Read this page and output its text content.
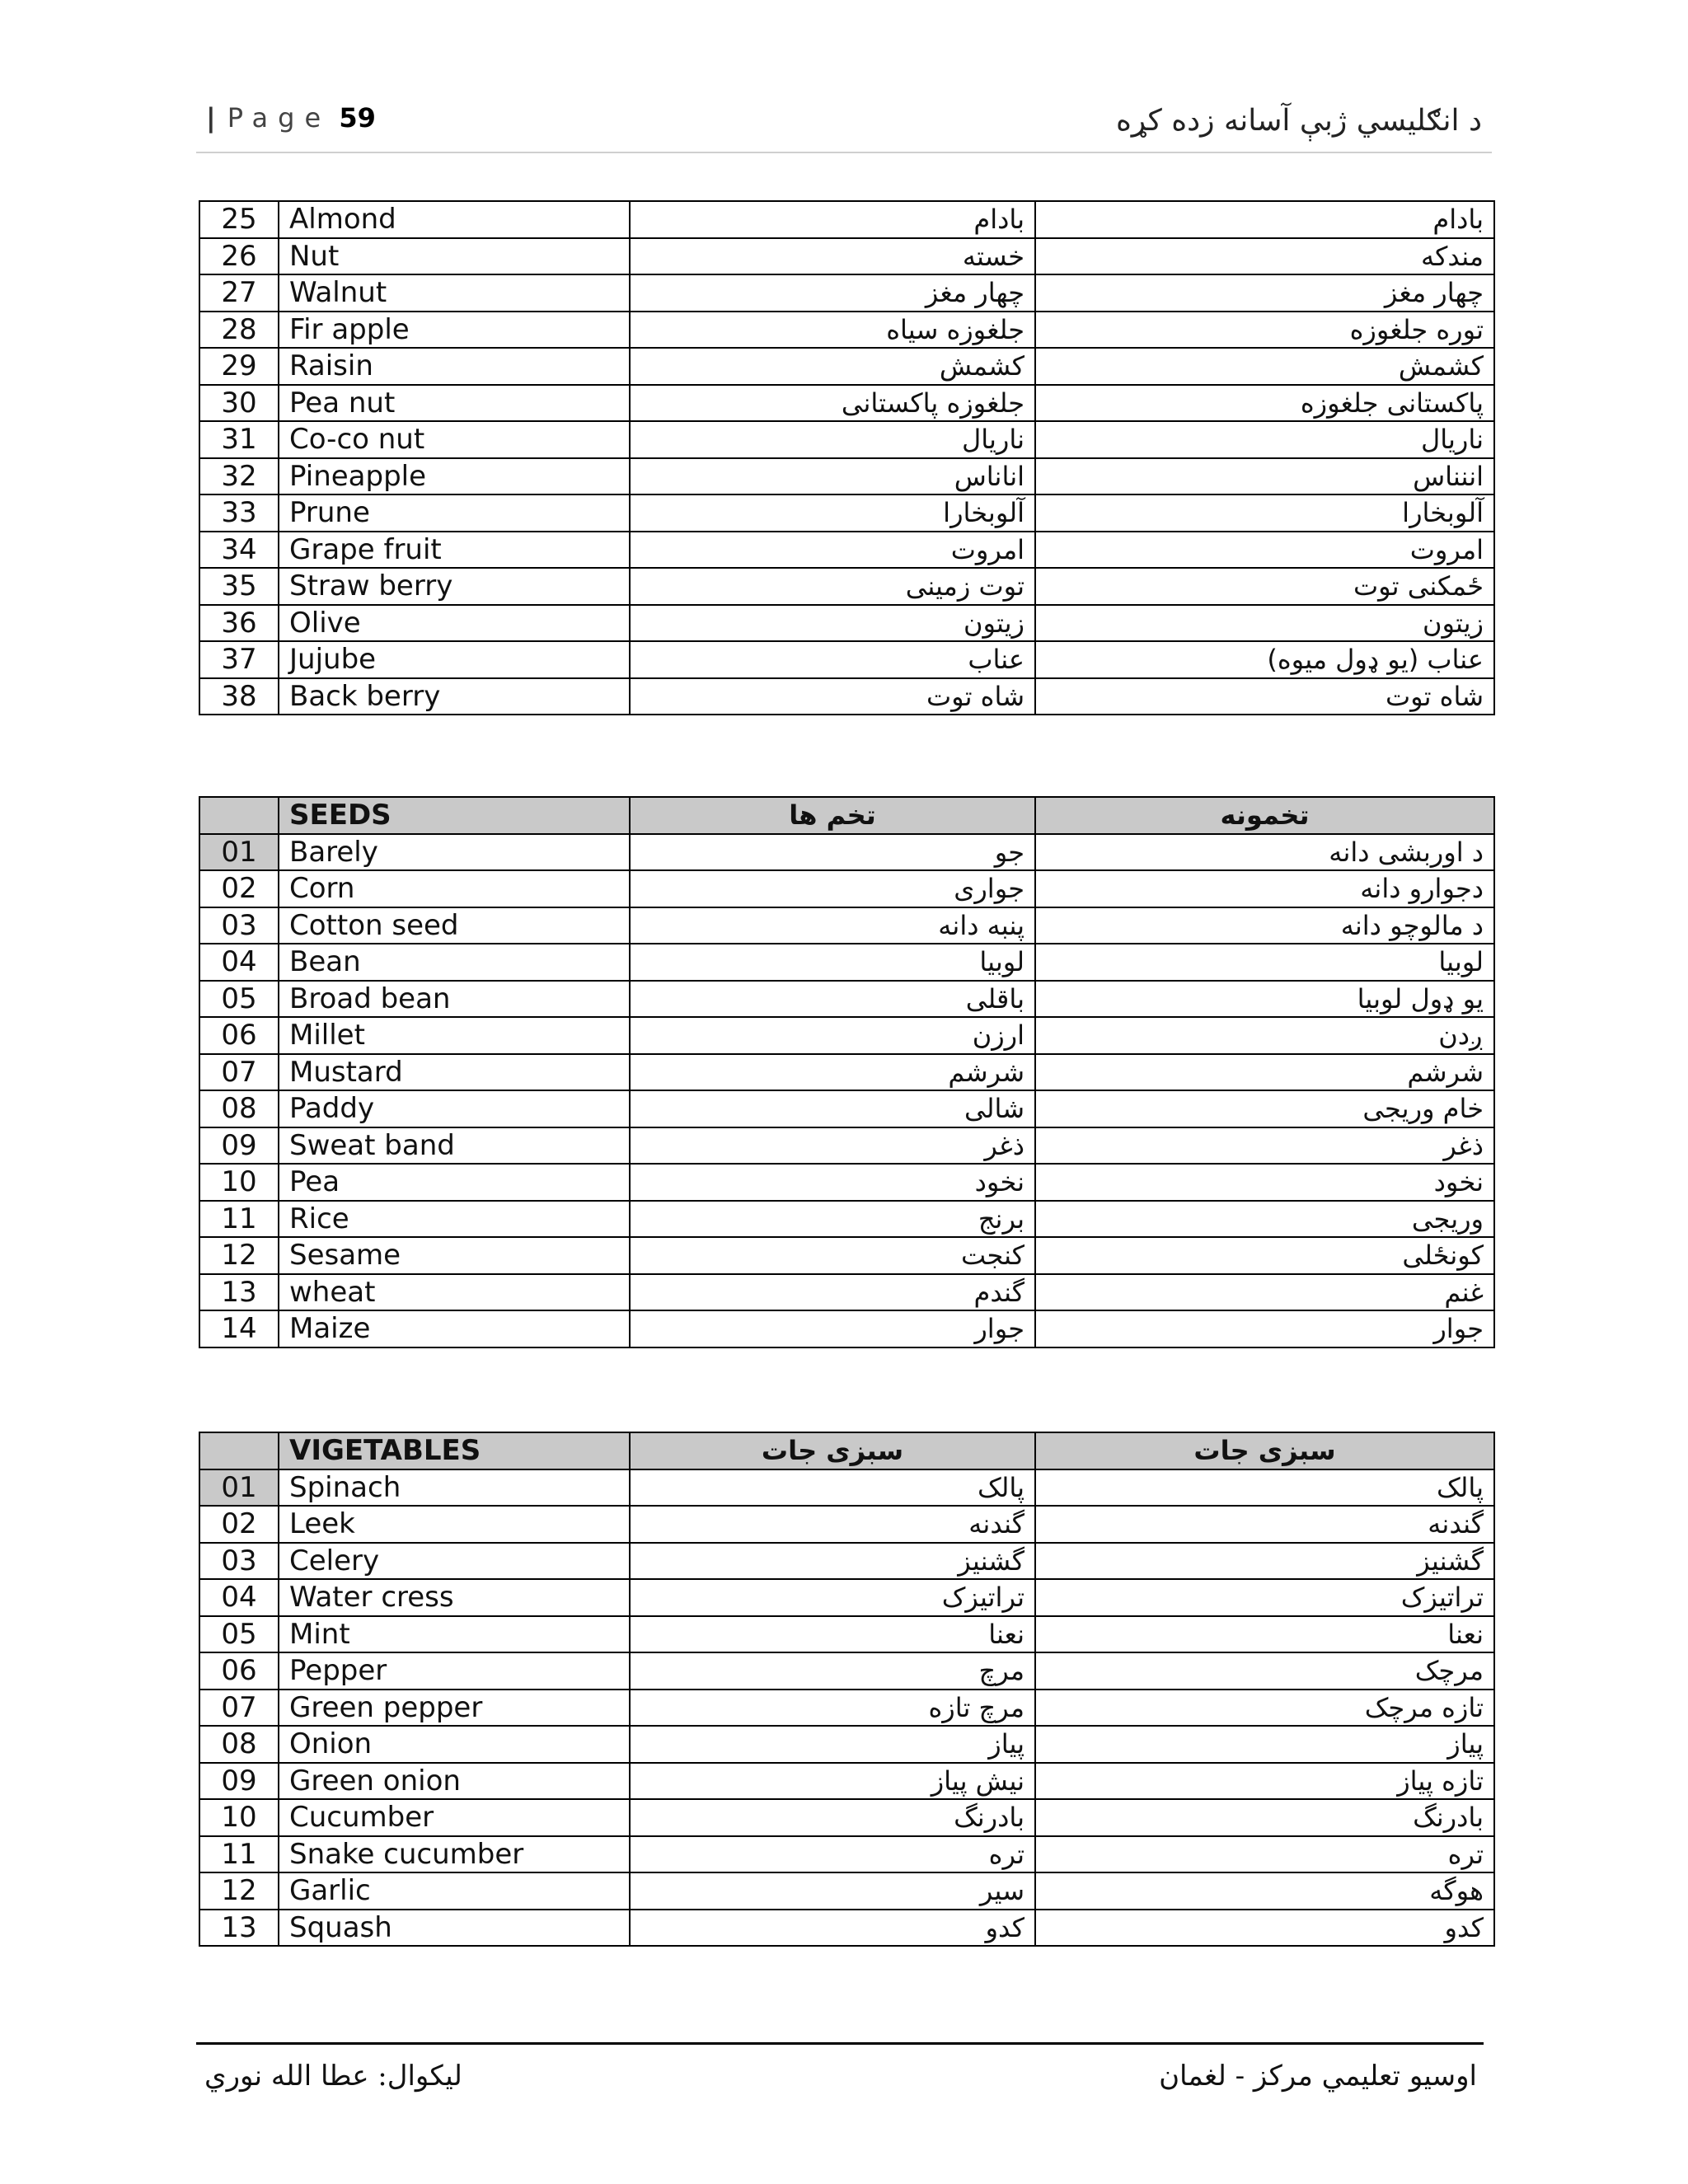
| Page 59	د انګلیسي ژبې آسانه زده کړه
25	Almond	بادام	بادام
26	Nut	خسته	مندکه
27	Walnut	چهار مغز	چهار مغز
28	Fir apple	جلغوزه سیاه	توره جلغوزه
29	Raisin	کشمش	کشمش
30	Pea nut	جلغوزه پاکستانی	پاکستانی جلغوزه
31	Co-co nut	ناریال	ناریال
32	Pineapple	اناناس	اننناس
33	Prune	آلوبخارا	آلوبخارا
34	Grape fruit	امروت	امروت
35	Straw berry	توت زمینی	ځمکنی توت
36	Olive	زیتون	زیتون
37	Jujube	عناب	عناب (یو ډول میوه)
38	Back berry	شاه توت	شاه توت
	SEEDS	تخم ها	تخمونه
01	Barely	جو	د اوربشی دانه
02	Corn	جواری	دجوارو دانه
03	Cotton seed	پنبه دانه	د مالوچو دانه
04	Bean	لوبیا	لوبیا
05	Broad bean	باقلی	یو ډول لوبیا
06	Millet	ارزن	ږدن
07	Mustard	شرشم	شرشم
08	Paddy	شالی	خام وریجی
09	Sweat band	ذغر	ذغر
10	Pea	نخود	نخود
11	Rice	برنج	وریجی
12	Sesame	کنجت	کونځلی
13	wheat	گندم	غنم
14	Maize	جوار	جوار
	VIGETABLES	سبزی جات	سبزی جات
01	Spinach	پالک	پالک
02	Leek	گندنه	گندنه
03	Celery	گشنیز	گشنیز
04	Water cress	تراتیزک	تراتیزک
05	Mint	نعنا	نعنا
06	Pepper	مرچ	مرچک
07	Green pepper	مرچ تازه	تازه مرچک
08	Onion	پیاز	پیاز
09	Green onion	نیش پیاز	تازه پیاز
10	Cucumber	بادرنگ	بادرنگ
11	Snake cucumber	تره	تره
12	Garlic	سیر	هوگه
13	Squash	کدو	کدو
لیکوال: عطا الله نوري	اوسیو تعلیمي مرکز - لغمان
